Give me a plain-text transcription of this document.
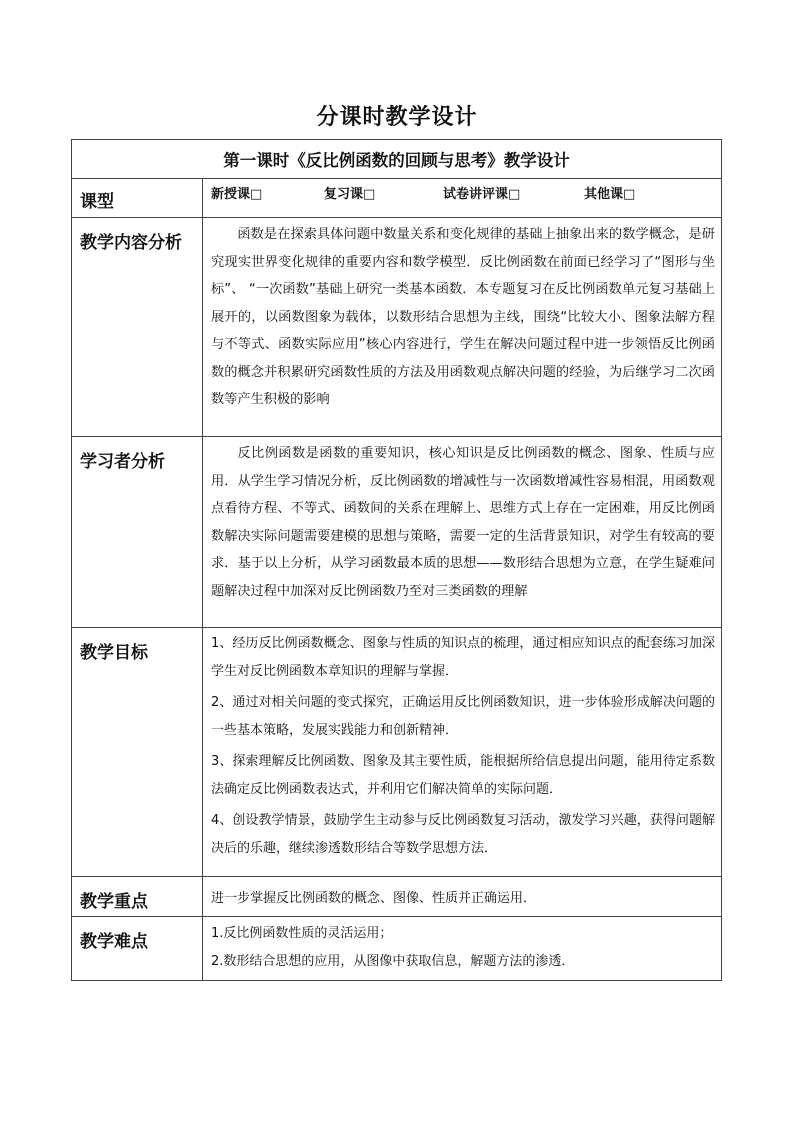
分课时教学设计
第一课时《反比例函数的回顾与思考》教学设计	
课型	新授课□ 复习课□ 试卷讲评课□ 其他课□

教学内容分析	函数是在探索具体问题中数量关系和变化规律的基础上抽象出来的数学概念，是研究现实世界变化规律的重要内容和数学模型．反比例函数在前面已经学习了“图形与坐标”、 “一次函数”基础上研究一类基本函数．本专题复习在反比例函数单元复习基础上展开的，以函数图象为载体，以数形结合思想为主线，围绕“比较大小、图象法解方程与不等式、函数实际应用”核心内容进行，学生在解决问题过程中进一步领悟反比例函数的概念并积累研究函数性质的方法及用函数观点解决问题的经验，为后继学习二次函数等产生积极的影响

学习者分析	反比例函数是函数的重要知识，核心知识是反比例函数的概念、图象、性质与应用．从学生学习情况分析，反比例函数的增减性与一次函数增减性容易相混，用函数观点看待方程、不等式、函数间的关系在理解上、思维方式上存在一定困难，用反比例函数解决实际问题需要建模的思想与策略，需要一定的生活背景知识，对学生有较高的要求．基于以上分析，从学习函数最本质的思想——数形结合思想为立意，在学生疑难问题解决过程中加深对反比例函数乃至对三类函数的理解

教学目标	1、经历反比例函数概念、图象与性质的知识点的梳理，通过相应知识点的配套练习加深学生对反比例函数本章知识的理解与掌握．
2、通过对相关问题的变式探究，正确运用反比例函数知识，进一步体验形成解决问题的一些基本策略，发展实践能力和创新精神．
3、探索理解反比例函数、图象及其主要性质，能根据所给信息提出问题，能用待定系数法确定反比例函数表达式，并利用它们解决简单的实际问题．
4、创设教学情景，鼓励学生主动参与反比例函数复习活动，激发学习兴趣，获得问题解决后的乐趣，继续渗透数形结合等数学思想方法．

教学重点	进一步掌握反比例函数的概念、图像、性质并正确运用．

教学难点	1.反比例函数性质的灵活运用；
2.数形结合思想的应用，从图像中获取信息，解题方法的渗透．
